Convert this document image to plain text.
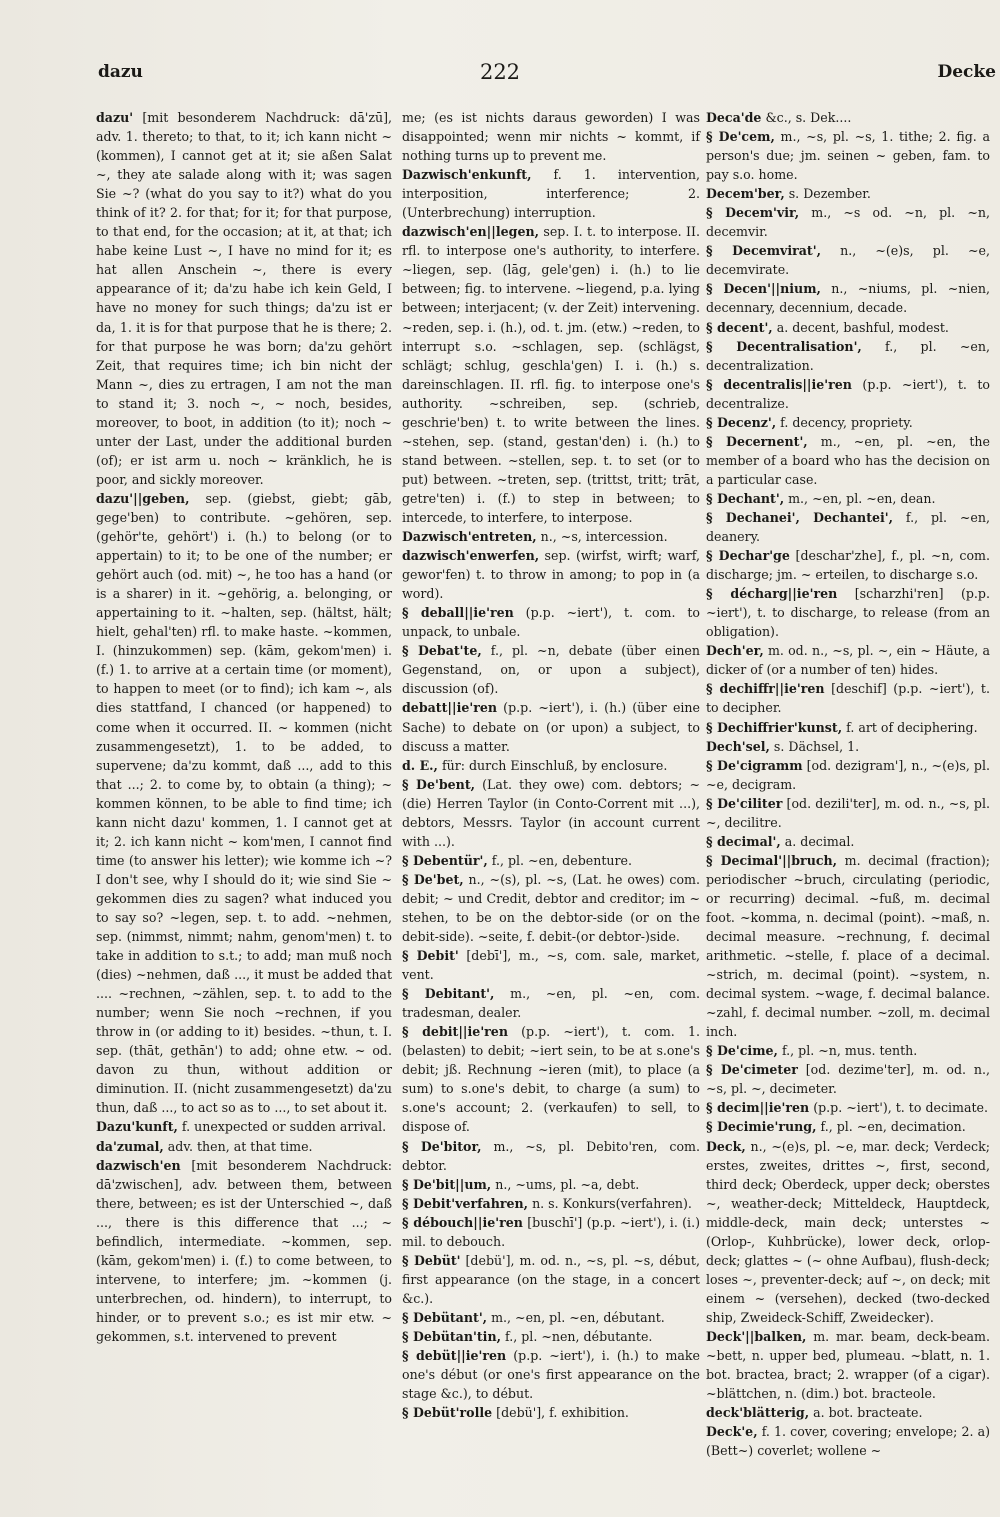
dazu	222	Decke
dazu' [mit besonderem Nachdruck: dā'zū], adv. 1. thereto; to that, to it; ich kann nicht ~ (kommen), I cannot get at it; sie aßen Salat ~, they ate salade along with it; was sagen Sie ~? (what do you say to it?) what do you think of it? 2. for that; for it; for that purpose, to that end, for the occasion; at it, at that; ich habe keine Lust ~, I have no mind for it; es hat allen Anschein ~, there is every appearance of it; da'zu habe ich kein Geld, I have no money for such things; da'zu ist er da, 1. it is for that purpose that he is there; 2. for that purpose he was born; da'zu gehört Zeit, that requires time; ich bin nicht der Mann ~, dies zu ertragen, I am not the man to stand it; 3. noch ~, ~ noch, besides, moreover, to boot, in addition (to it); noch ~ unter der Last, under the additional burden (of); er ist arm u. noch ~ kränklich, he is poor, and sickly moreover.
dazu'||geben, sep. (giebst, giebt; gāb, gege'ben) to contribute. ~gehören, sep. (gehör'te, gehört') i. (h.) to belong (or to appertain) to it; to be one of the number; er gehört auch (od. mit) ~, he too has a hand (or is a sharer) in it. ~gehörig, a. belonging, or appertaining to it. ~halten, sep. (hältst, hält; hielt, gehal'ten) rfl. to make haste. ~kommen, I. (hinzukommen) sep. (kām, gekom'men) i. (f.) 1. to arrive at a certain time (or moment), to happen to meet (or to find); ich kam ~, als dies stattfand, I chanced (or happened) to come when it occurred. II. ~ kommen (nicht zusammengesetzt), 1. to be added, to supervene; da'zu kommt, daß ..., add to this that ...; 2. to come by, to obtain (a thing); ~ kommen können, to be able to find time; ich kann nicht dazu' kommen, 1. I cannot get at it; 2. ich kann nicht ~ kom'men, I cannot find time (to answer his letter); wie komme ich ~? I don't see, why I should do it; wie sind Sie ~ gekommen dies zu sagen? what induced you to say so? ~legen, sep. t. to add. ~nehmen, sep. (nimmst, nimmt; nahm, genom'men) t. to take in addition to s.t.; to add; man muß noch (dies) ~nehmen, daß ..., it must be added that .... ~rechnen, ~zählen, sep. t. to add to the number; wenn Sie noch ~rechnen, if you throw in (or adding to it) besides. ~thun, t. I. sep. (thāt, gethān') to add; ohne etw. ~ od. davon zu thun, without addition or diminution. II. (nicht zusammengesetzt) da'zu thun, daß ..., to act so as to ..., to set about it.
Dazu'kunft, f. unexpected or sudden arrival.
da'zumal, adv. then, at that time.
dazwisch'en [mit besonderem Nachdruck: dā'zwischen], adv. between them, between there, between; es ist der Unterschied ~, daß ..., there is this difference that ...; ~ befindlich, intermediate. ~kommen, sep. (kām, gekom'men) i. (f.) to come between, to intervene, to interfere; jm. ~kommen (j. unterbrechen, od. hindern), to interrupt, to hinder, or to prevent s.o.; es ist mir etw. ~ gekommen, s.t. intervened to prevent
me; (es ist nichts daraus geworden) I was disappointed; wenn mir nichts ~ kommt, if nothing turns up to prevent me.
Dazwisch'enkunft, f. 1. intervention, interposition, interference; 2. (Unterbrechung) interruption.
dazwisch'en||legen, sep. I. t. to interpose. II. rfl. to interpose one's authority, to interfere. ~liegen, sep. (lāg, gele'gen) i. (h.) to lie between; fig. to intervene. ~liegend, p.a. lying between; interjacent; (v. der Zeit) intervening. ~reden, sep. i. (h.), od. t. jm. (etw.) ~reden, to interrupt s.o. ~schlagen, sep. (schlägst, schlägt; schlug, geschla'gen) I. i. (h.) s. dareinschlagen. II. rfl. fig. to interpose one's authority. ~schreiben, sep. (schrieb, geschrie'ben) t. to write between the lines. ~stehen, sep. (stand, gestan'den) i. (h.) to stand between. ~stellen, sep. t. to set (or to put) between. ~treten, sep. (trittst, tritt; trāt, getre'ten) i. (f.) to step in between; to intercede, to interfere, to interpose.
Dazwisch'entreten, n., ~s, intercession.
dazwisch'enwerfen, sep. (wirfst, wirft; warf, gewor'fen) t. to throw in among; to pop in (a word).
§ deball||ie'ren (p.p. ~iert'), t. com. to unpack, to unbale.
§ Debat'te, f., pl. ~n, debate (über einen Gegenstand, on, or upon a subject), discussion (of).
debatt||ie'ren (p.p. ~iert'), i. (h.) (über eine Sache) to debate on (or upon) a subject, to discuss a matter.
d. E., für: durch Einschluß, by enclosure.
§ De'bent, (Lat. they owe) com. debtors; ~ (die) Herren Taylor (in Conto-Corrent mit ...), debtors, Messrs. Taylor (in account current with ...).
§ Debentür', f., pl. ~en, debenture.
§ De'bet, n., ~(s), pl. ~s, (Lat. he owes) com. debit; ~ und Credit, debtor and creditor; im ~ stehen, to be on the debtor-side (or on the debit-side). ~seite, f. debit-(or debtor-)side.
§ Debit' [debī'], m., ~s, com. sale, market, vent.
§ Debitant', m., ~en, pl. ~en, com. tradesman, dealer.
§ debit||ie'ren (p.p. ~iert'), t. com. 1. (belasten) to debit; ~iert sein, to be at s.one's debit; jß. Rechnung ~ieren (mit), to place (a sum) to s.one's debit, to charge (a sum) to s.one's account; 2. (verkaufen) to sell, to dispose of.
§ De'bitor, m., ~s, pl. Debito'ren, com. debtor.
§ De'bit||um, n., ~ums, pl. ~a, debt.
§ Debit'verfahren, n. s. Konkurs(verfahren).
§ débouch||ie'ren [buschī'] (p.p. ~iert'), i. (i.) mil. to debouch.
§ Debüt' [debü'], m. od. n., ~s, pl. ~s, début, first appearance (on the stage, in a concert &c.).
§ Debütant', m., ~en, pl. ~en, débutant.
§ Debütan'tin, f., pl. ~nen, débutante.
§ debüt||ie'ren (p.p. ~iert'), i. (h.) to make one's début (or one's first appearance on the stage &c.), to début.
§ Debüt'rolle [debü'], f. exhibition.
Deca'de &c., s. Dek....
§ De'cem, m., ~s, pl. ~s, 1. tithe; 2. fig. a person's due; jm. seinen ~ geben, fam. to pay s.o. home.
Decem'ber, s. Dezember.
§ Decem'vir, m., ~s od. ~n, pl. ~n, decemvir.
§ Decemvirat', n., ~(e)s, pl. ~e, decemvirate.
§ Decen'||nium, n., ~niums, pl. ~nien, decennary, decennium, decade.
§ decent', a. decent, bashful, modest.
§ Decentralisation', f., pl. ~en, decentralization.
§ decentralis||ie'ren (p.p. ~iert'), t. to decentralize.
§ Decenz', f. decency, propriety.
§ Decernent', m., ~en, pl. ~en, the member of a board who has the decision on a particular case.
§ Dechant', m., ~en, pl. ~en, dean.
§ Dechanei', Dechantei', f., pl. ~en, deanery.
§ Dechar'ge [deschar'zhe], f., pl. ~n, com. discharge; jm. ~ erteilen, to discharge s.o.
§ décharg||ie'ren [scharzhi'ren] (p.p. ~iert'), t. to discharge, to release (from an obligation).
Dech'er, m. od. n., ~s, pl. ~, ein ~ Häute, a dicker of (or a number of ten) hides.
§ dechiffr||ie'ren [deschif] (p.p. ~iert'), t. to decipher.
§ Dechiffrier'kunst, f. art of deciphering.
Dech'sel, s. Dächsel, 1.
§ De'cigramm [od. dezigram'], n., ~(e)s, pl. ~e, decigram.
§ De'ciliter [od. dezili'ter], m. od. n., ~s, pl. ~, decilitre.
§ decimal', a. decimal.
§ Decimal'||bruch, m. decimal (fraction); periodischer ~bruch, circulating (periodic, or recurring) decimal. ~fuß, m. decimal foot. ~komma, n. decimal (point). ~maß, n. decimal measure. ~rechnung, f. decimal arithmetic. ~stelle, f. place of a decimal. ~strich, m. decimal (point). ~system, n. decimal system. ~wage, f. decimal balance. ~zahl, f. decimal number. ~zoll, m. decimal inch.
§ De'cime, f., pl. ~n, mus. tenth.
§ De'cimeter [od. dezime'ter], m. od. n., ~s, pl. ~, decimeter.
§ decim||ie'ren (p.p. ~iert'), t. to decimate.
§ Decimie'rung, f., pl. ~en, decimation.
Deck, n., ~(e)s, pl. ~e, mar. deck; Verdeck; erstes, zweites, drittes ~, first, second, third deck; Oberdeck, upper deck; oberstes ~, weather-deck; Mitteldeck, Hauptdeck, middle-deck, main deck; unterstes ~ (Orlop-, Kuhbrücke), lower deck, orlop-deck; glattes ~ (~ ohne Aufbau), flush-deck; loses ~, preventer-deck; auf ~, on deck; mit einem ~ (versehen), decked (two-decked ship, Zweideck-Schiff, Zweidecker).
Deck'||balken, m. mar. beam, deck-beam. ~bett, n. upper bed, plumeau. ~blatt, n. 1. bot. bractea, bract; 2. wrapper (of a cigar). ~blättchen, n. (dim.) bot. bracteole.
deck'blätterig, a. bot. bracteate.
Deck'e, f. 1. cover, covering; envelope; 2. a) (Bett~) coverlet; wollene ~
